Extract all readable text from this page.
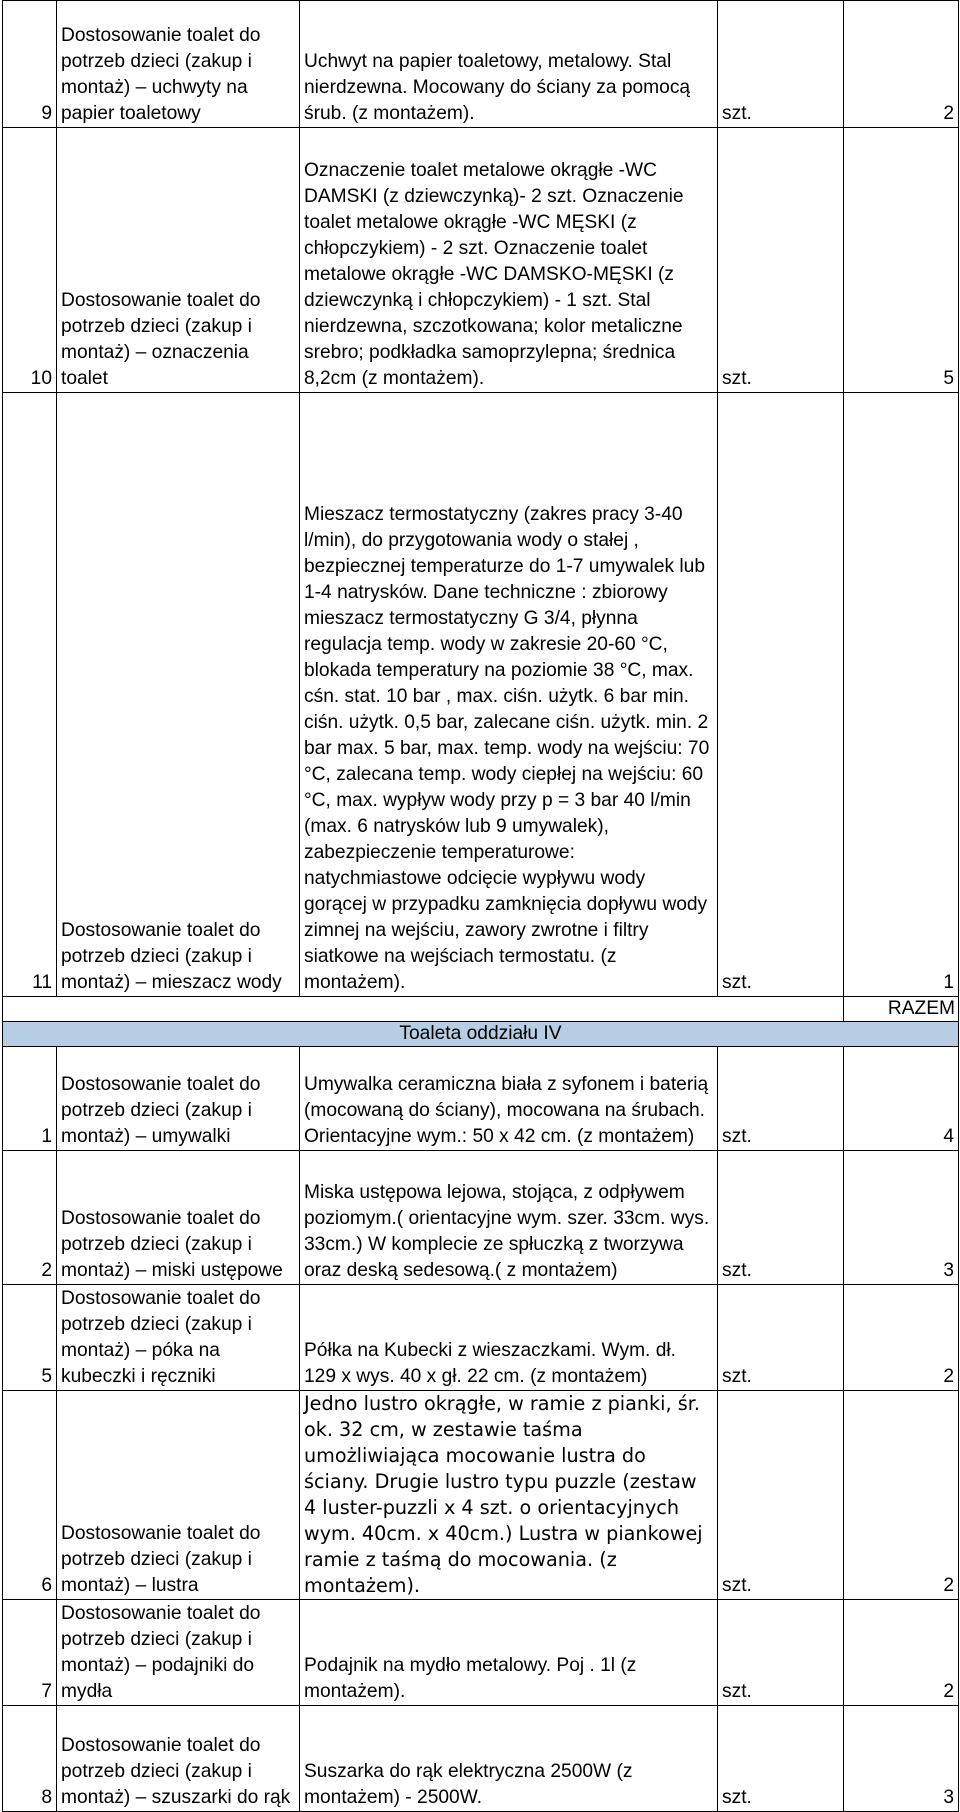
9	Dostosowanie toalet do potrzeb dzieci (zakup i montaż) – uchwyty na papier toaletowy	Uchwyt na papier toaletowy, metalowy. Stal nierdzewna. Mocowany do ściany za pomocą śrub. (z montażem).	szt.	2
10	Dostosowanie toalet do potrzeb dzieci (zakup i montaż) – oznaczenia toalet	Oznaczenie toalet metalowe okrągłe -WC DAMSKI (z dziewczynką)- 2 szt. Oznaczenie toalet metalowe okrągłe -WC MĘSKI (z chłopczykiem) - 2 szt. Oznaczenie toalet metalowe okrągłe -WC DAMSKO-MĘSKI (z dziewczynką i chłopczykiem) - 1 szt. Stal nierdzewna, szczotkowana; kolor metaliczne srebro; podkładka samoprzylepna; średnica 8,2cm (z montażem).	szt.	5
11	Dostosowanie toalet do potrzeb dzieci (zakup i montaż) – mieszacz wody	Mieszacz termostatyczny (zakres pracy 3-40 l/min), do przygotowania wody o stałej , bezpiecznej temperaturze do 1-7 umywalek lub 1-4 natrysków. Dane techniczne : zbiorowy mieszacz termostatyczny G 3/4, płynna regulacja temp. wody w zakresie 20-60 °C, blokada temperatury na poziomie 38 °C, max. cśn. stat. 10 bar , max. ciśn. użytk. 6 bar min. ciśn. użytk. 0,5 bar, zalecane ciśn. użytk. min. 2 bar max. 5 bar, max. temp. wody na wejściu: 70 °C, zalecana temp. wody ciepłej na wejściu: 60 °C, max. wypływ wody przy p = 3 bar 40 l/min (max. 6 natrysków lub 9 umywalek), zabezpieczenie temperaturowe: natychmiastowe odcięcie wypływu wody gorącej w przypadku zamknięcia dopływu wody zimnej na wejściu, zawory zwrotne i filtry siatkowe na wejściach termostatu. (z montażem).	szt.	1
				RAZEM
Toaleta oddziału IV				
1	Dostosowanie toalet do potrzeb dzieci (zakup i montaż) – umywalki	Umywalka ceramiczna biała z syfonem i baterią (mocowaną do ściany), mocowana na śrubach. Orientacyjne wym.: 50 x 42 cm. (z montażem)	szt.	4
2	Dostosowanie toalet do potrzeb dzieci (zakup i montaż) – miski ustępowe	Miska ustępowa lejowa, stojąca, z odpływem poziomym.( orientacyjne wym. szer. 33cm. wys. 33cm.) W komplecie ze spłuczką z tworzywa oraz deską sedesową.( z montażem)	szt.	3
5	Dostosowanie toalet do potrzeb dzieci (zakup i montaż) – póka na kubeczki i ręczniki	Półka na Kubecki z wieszaczkami. Wym. dł. 129 x wys. 40 x gł. 22 cm. (z montażem)	szt.	2
6	Dostosowanie toalet do potrzeb dzieci (zakup i montaż) – lustra	Jedno lustro okrągłe, w ramie z pianki, śr. ok. 32 cm, w zestawie taśma umożliwiająca mocowanie lustra do ściany. Drugie lustro typu puzzle (zestaw 4 luster-puzzli x 4 szt. o orientacyjnych wym. 40cm. x 40cm.) Lustra w piankowej ramie z taśmą do mocowania. (z montażem).	szt.	2
7	Dostosowanie toalet do potrzeb dzieci (zakup i montaż) – podajniki do mydła	Podajnik na mydło metalowy. Poj . 1l (z montażem).	szt.	2
8	Dostosowanie toalet do potrzeb dzieci (zakup i montaż) – szuszarki do rąk	Suszarka do rąk elektryczna 2500W (z montażem) - 2500W.	szt.	3
